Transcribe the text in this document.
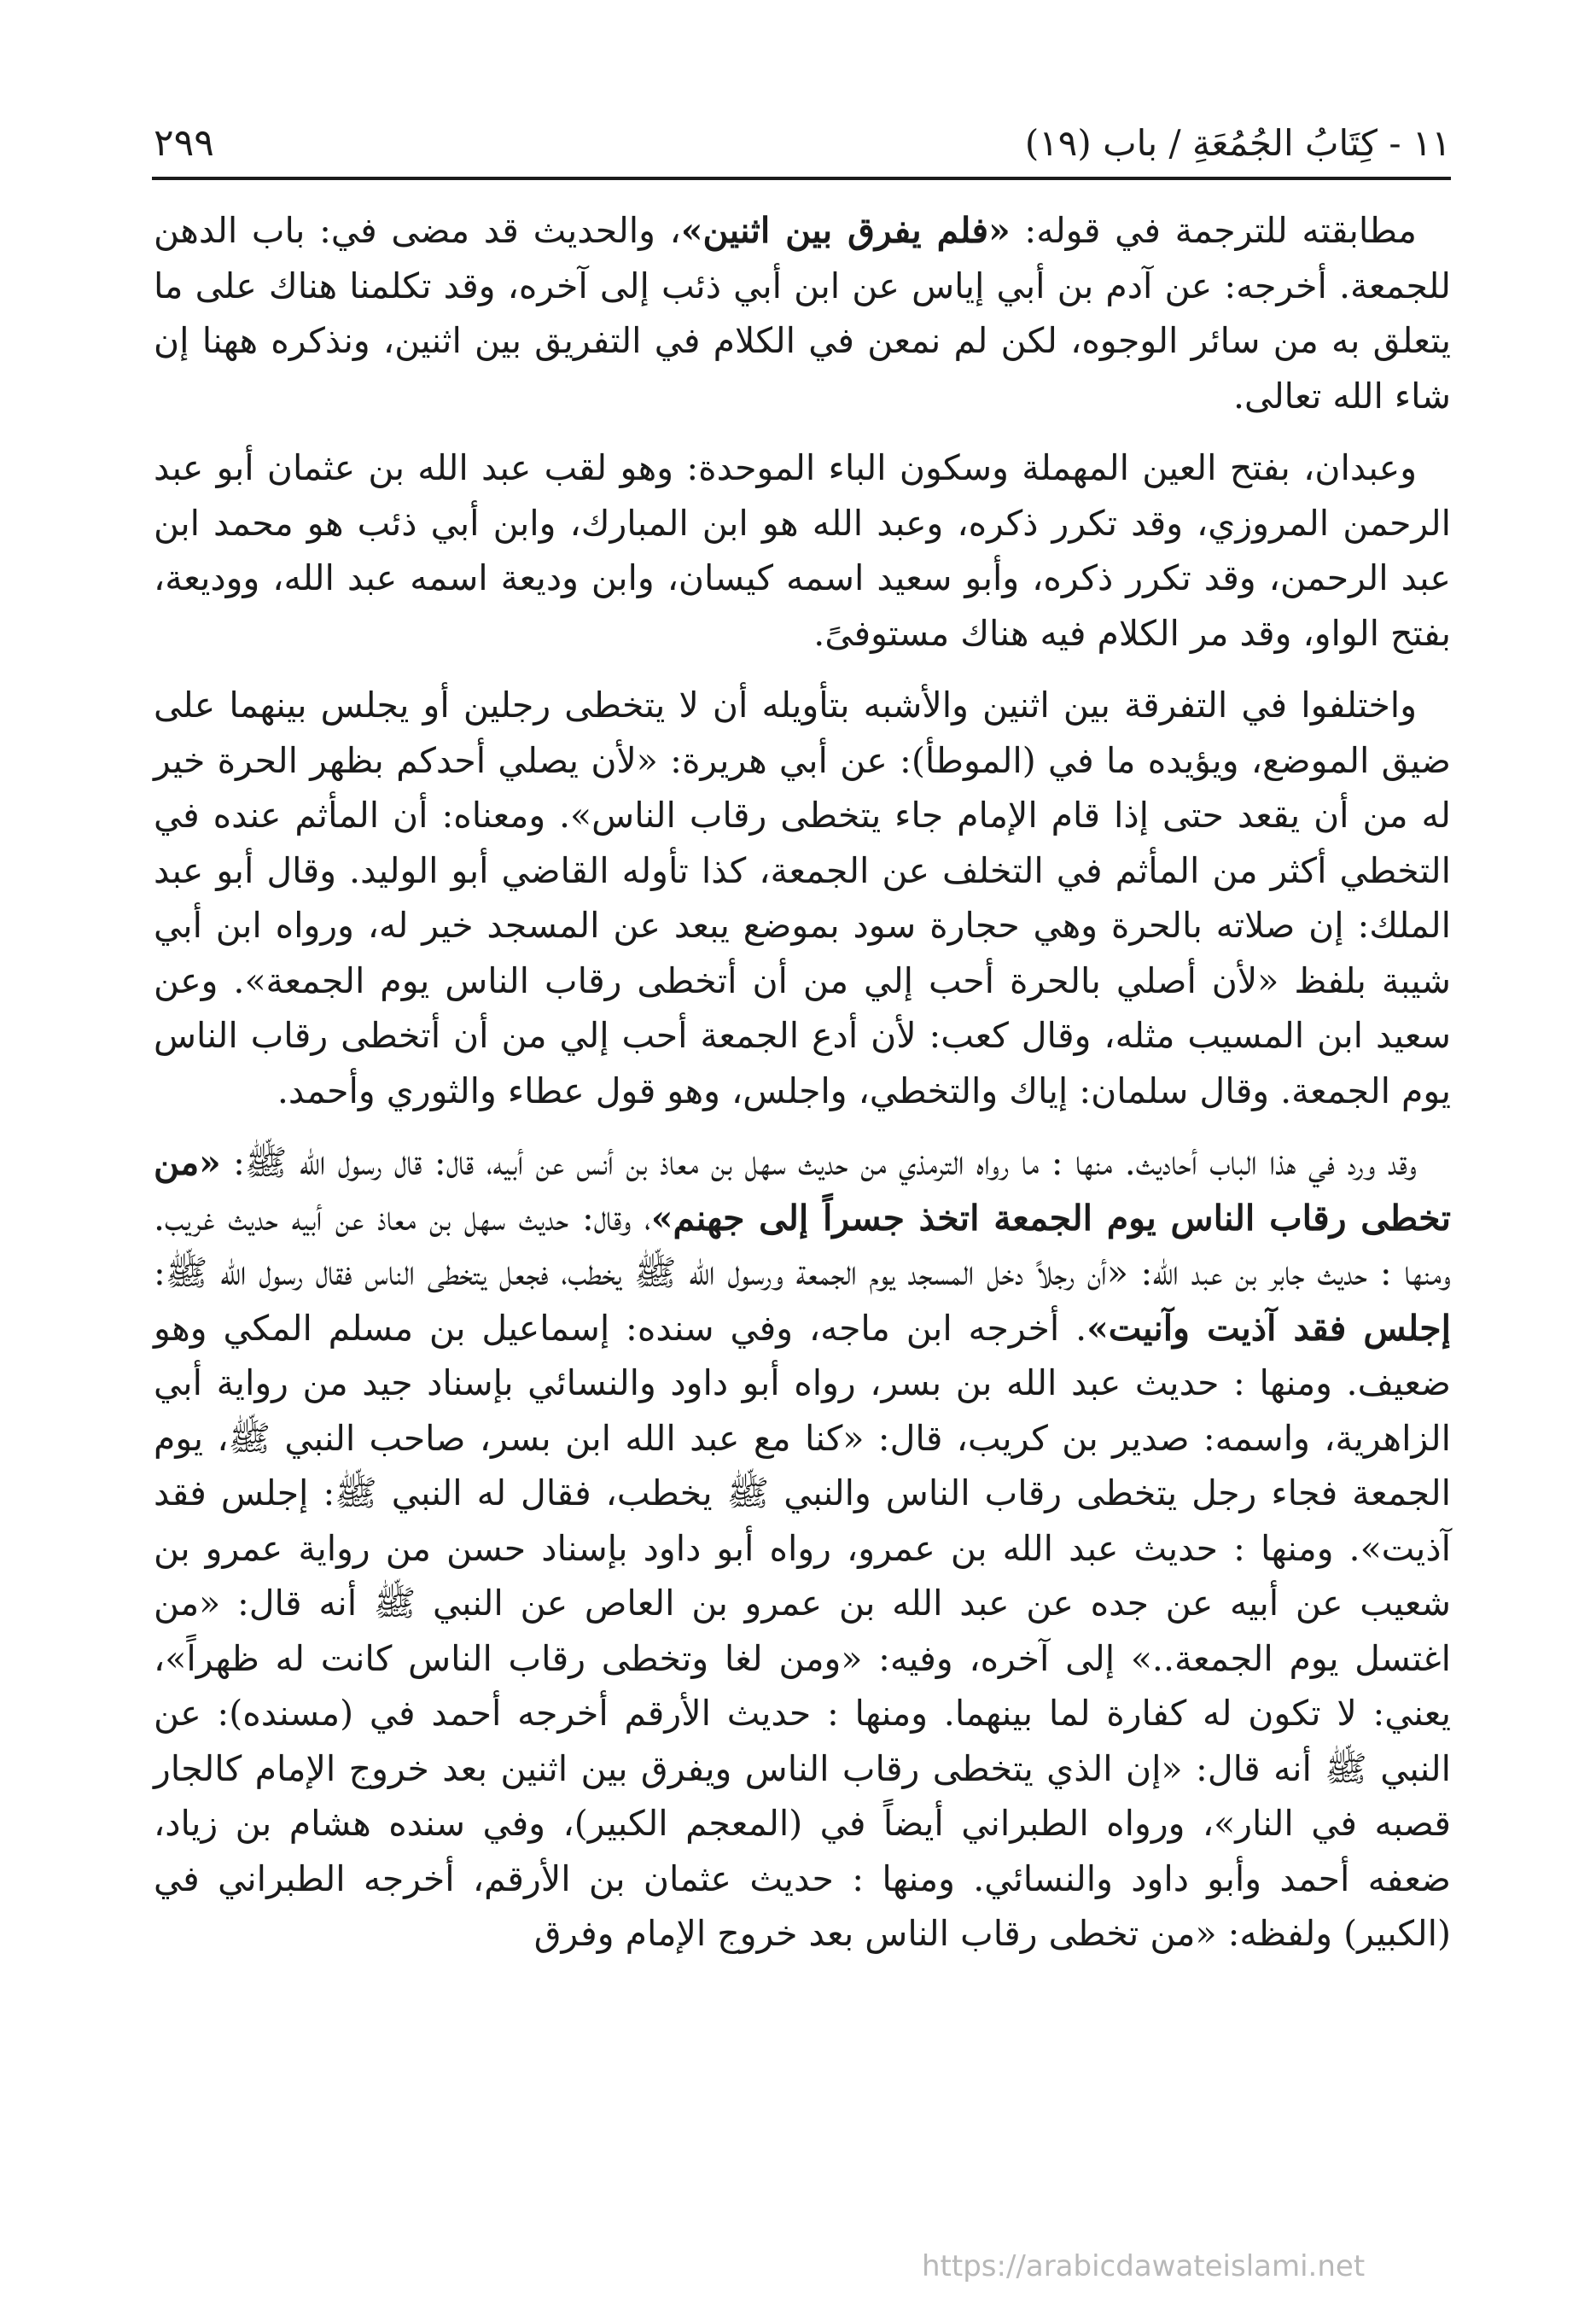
١١ - كِتَابُ الجُمُعَةِ / باب (١٩)
٢٩٩

مطابقته للترجمة في قوله: «فلم يفرق بين اثنين»، والحديث قد مضى في: باب الدهن للجمعة. أخرجه: عن آدم بن أبي إياس عن ابن أبي ذئب إلى آخره، وقد تكلمنا هناك على ما يتعلق به من سائر الوجوه، لكن لم نمعن في الكلام في التفريق بين اثنين، ونذكره ههنا إن شاء الله تعالى.

وعبدان، بفتح العين المهملة وسكون الباء الموحدة: وهو لقب عبد الله بن عثمان أبو عبد الرحمن المروزي، وقد تكرر ذكره، وعبد الله هو ابن المبارك، وابن أبي ذئب هو محمد ابن عبد الرحمن، وقد تكرر ذكره، وأبو سعيد اسمه كيسان، وابن وديعة اسمه عبد الله، ووديعة، بفتح الواو، وقد مر الكلام فيه هناك مستوفىً.

واختلفوا في التفرقة بين اثنين والأشبه بتأويله أن لا يتخطى رجلين أو يجلس بينهما على ضيق الموضع، ويؤيده ما في (الموطأ): عن أبي هريرة: «لأن يصلي أحدكم بظهر الحرة خير له من أن يقعد حتى إذا قام الإمام جاء يتخطى رقاب الناس». ومعناه: أن المأثم عنده في التخطي أكثر من المأثم في التخلف عن الجمعة، كذا تأوله القاضي أبو الوليد. وقال أبو عبد الملك: إن صلاته بالحرة وهي حجارة سود بموضع يبعد عن المسجد خير له، ورواه ابن أبي شيبة بلفظ «لأن أصلي بالحرة أحب إلي من أن أتخطى رقاب الناس يوم الجمعة». وعن سعيد ابن المسيب مثله، وقال كعب: لأن أدع الجمعة أحب إلي من أن أتخطى رقاب الناس يوم الجمعة. وقال سلمان: إياك والتخطي، واجلس، وهو قول عطاء والثوري وأحمد.

وقد ورد في هذا الباب أحاديث. منها : ما رواه الترمذي من حديث سهل بن معاذ بن أنس عن أبيه، قال: قال رسول الله ﷺ: «من تخطى رقاب الناس يوم الجمعة اتخذ جسراً إلى جهنم»، وقال: حديث سهل بن معاذ عن أبيه حديث غريب. ومنها : حديث جابر بن عبد الله: «أن رجلاً دخل المسجد يوم الجمعة ورسول الله ﷺ يخطب، فجعل يتخطى الناس فقال رسول الله ﷺ: إجلس فقد آذيت وآنيت». أخرجه ابن ماجه، وفي سنده: إسماعيل بن مسلم المكي وهو ضعيف. ومنها : حديث عبد الله بن بسر، رواه أبو داود والنسائي بإسناد جيد من رواية أبي الزاهرية، واسمه: صدير بن كريب، قال: «كنا مع عبد الله ابن بسر، صاحب النبي ﷺ، يوم الجمعة فجاء رجل يتخطى رقاب الناس والنبي ﷺ يخطب، فقال له النبي ﷺ: إجلس فقد آذيت». ومنها : حديث عبد الله بن عمرو، رواه أبو داود بإسناد حسن من رواية عمرو بن شعيب عن أبيه عن جده عن عبد الله بن عمرو بن العاص عن النبي ﷺ أنه قال: «من اغتسل يوم الجمعة..» إلى آخره، وفيه: «ومن لغا وتخطى رقاب الناس كانت له ظهراً»، يعني: لا تكون له كفارة لما بينهما. ومنها : حديث الأرقم أخرجه أحمد في (مسنده): عن النبي ﷺ أنه قال: «إن الذي يتخطى رقاب الناس ويفرق بين اثنين بعد خروج الإمام كالجار قصبه في النار»، ورواه الطبراني أيضاً في (المعجم الكبير)، وفي سنده هشام بن زياد، ضعفه أحمد وأبو داود والنسائي. ومنها : حديث عثمان بن الأرقم، أخرجه الطبراني في (الكبير) ولفظه: «من تخطى رقاب الناس بعد خروج الإمام وفرق

https://arabicdawateislami.net
